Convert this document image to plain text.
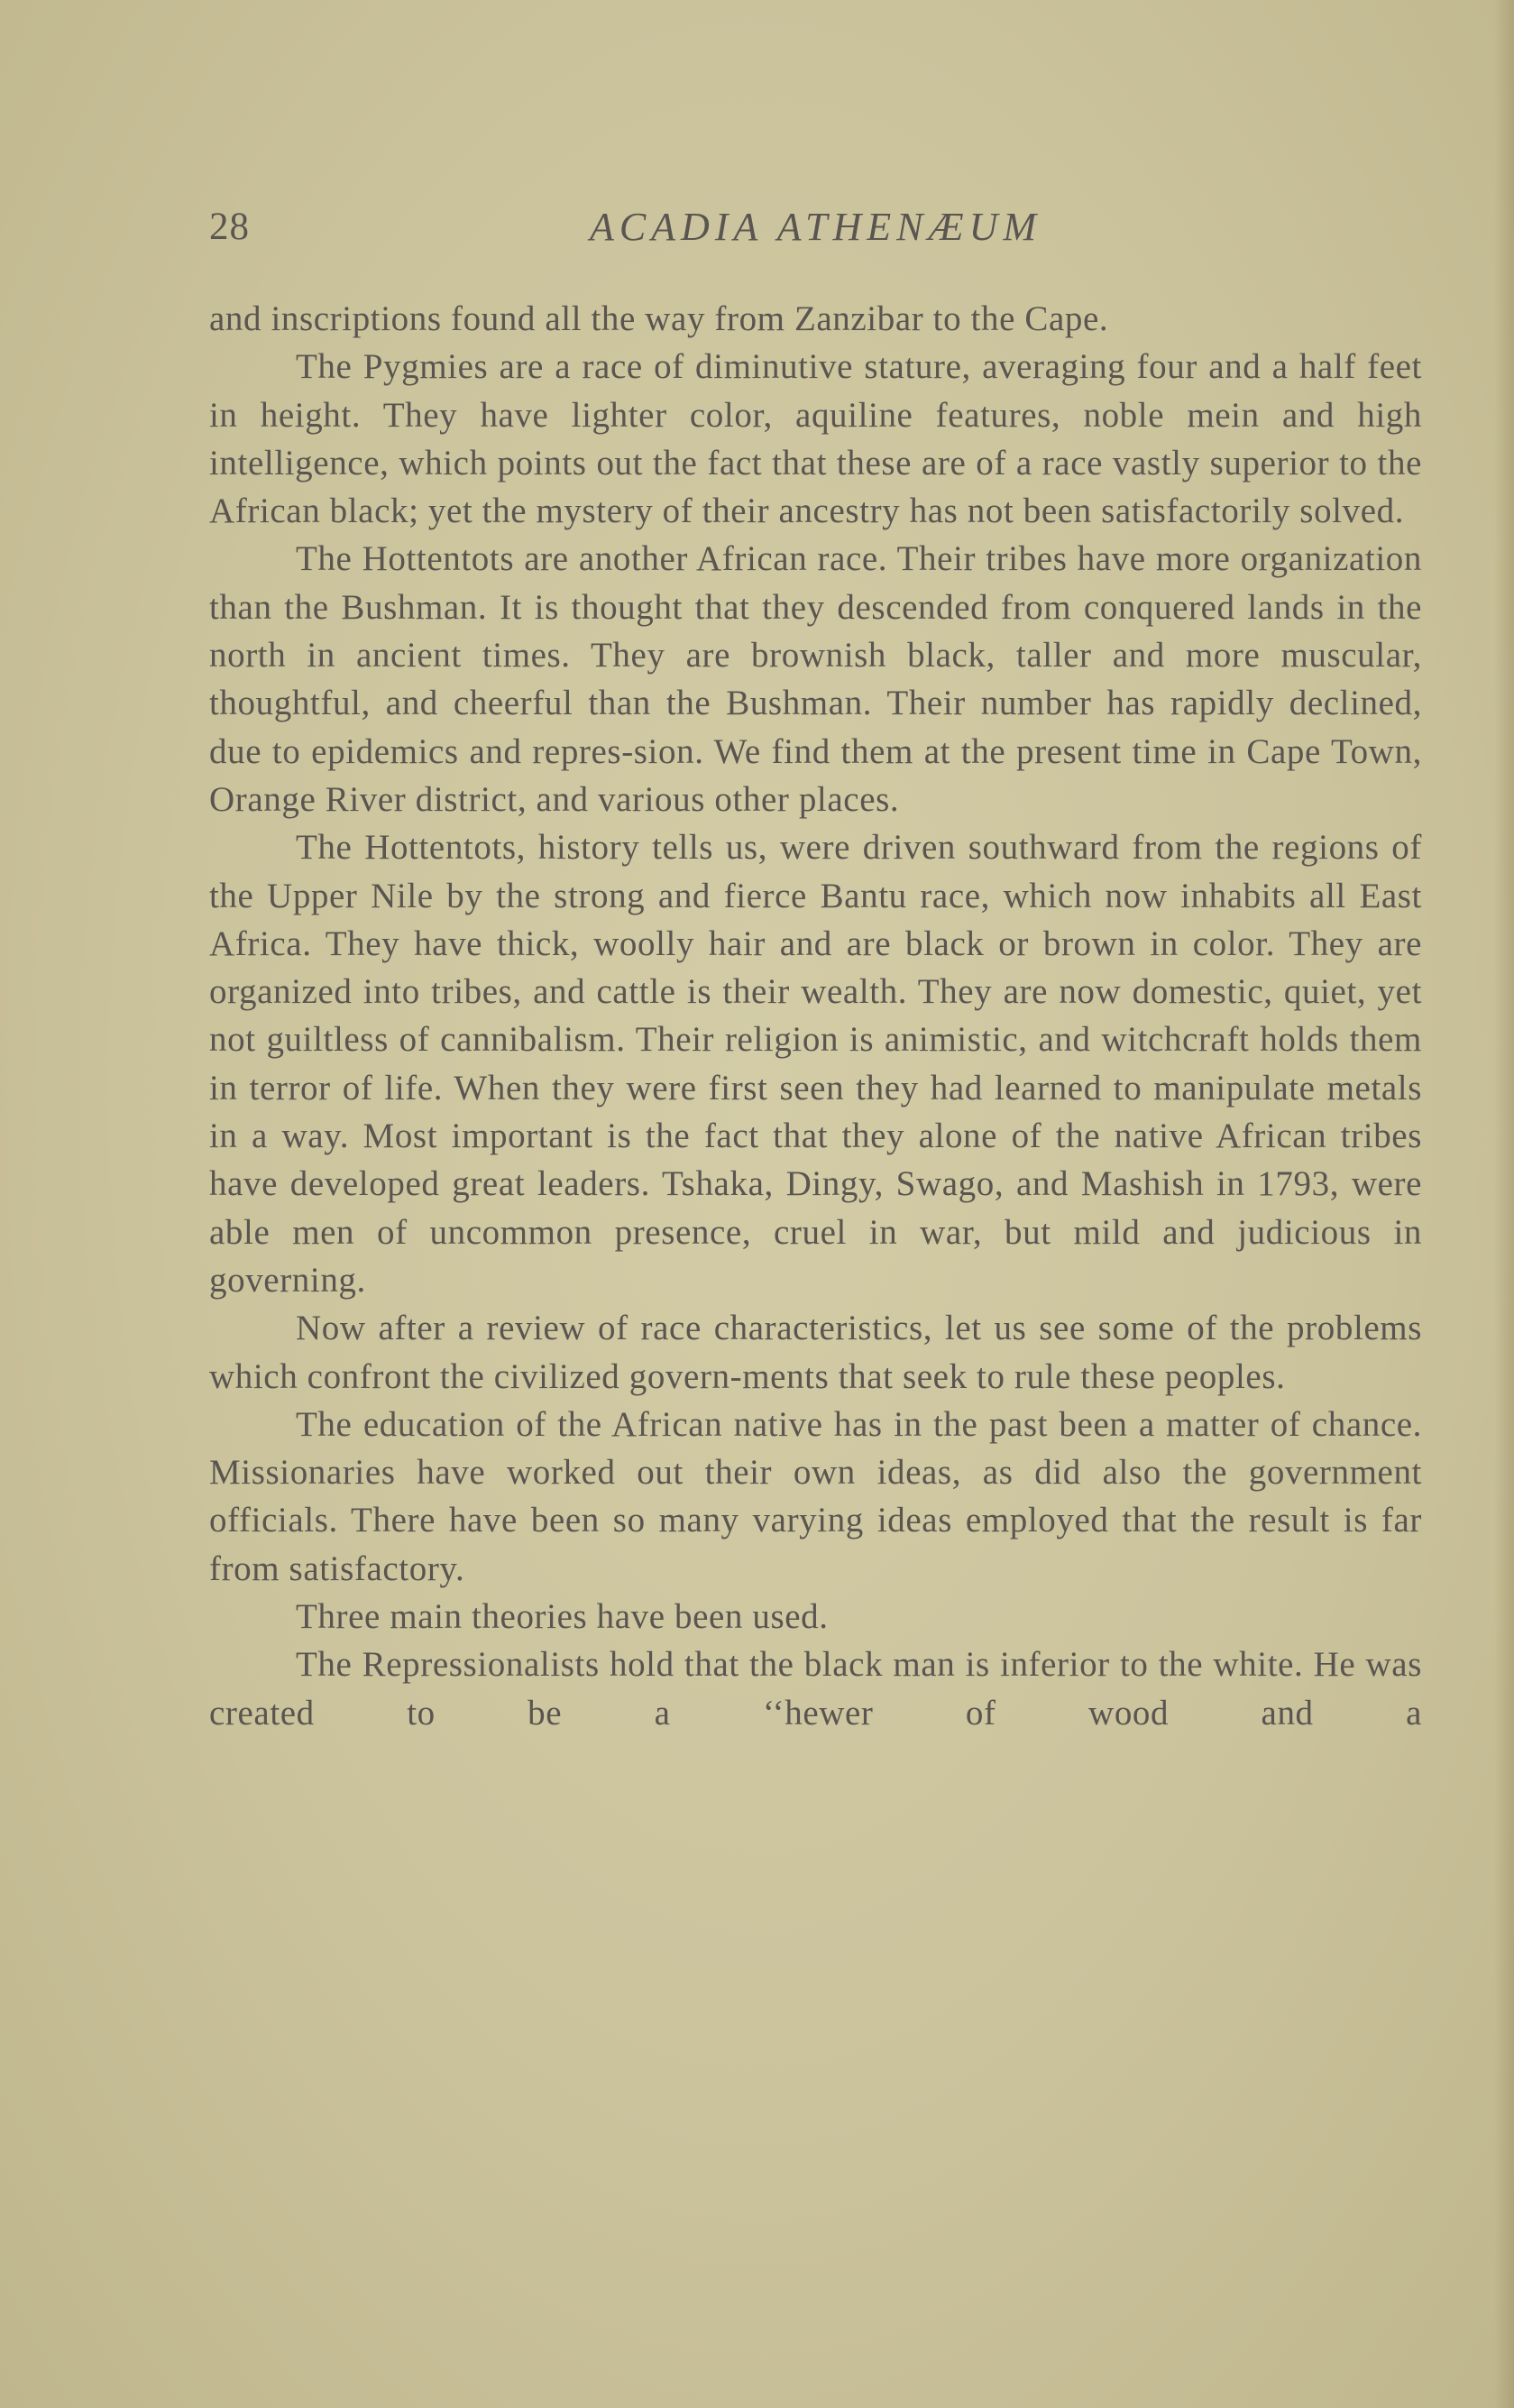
28	ACADIA ATHENÆUM

and inscriptions found all the way from Zanzibar to the Cape.

The Pygmies are a race of diminutive stature, averaging four and a half feet in height. They have lighter color, aquiline features, noble mein and high intelligence, which points out the fact that these are of a race vastly superior to the African black; yet the mystery of their ancestry has not been satisfactorily solved.

The Hottentots are another African race. Their tribes have more organization than the Bushman. It is thought that they descended from conquered lands in the north in ancient times. They are brownish black, taller and more muscular, thoughtful, and cheerful than the Bushman. Their number has rapidly declined, due to epidemics and repres-sion. We find them at the present time in Cape Town, Orange River district, and various other places.

The Hottentots, history tells us, were driven southward from the regions of the Upper Nile by the strong and fierce Bantu race, which now inhabits all East Africa. They have thick, woolly hair and are black or brown in color. They are organized into tribes, and cattle is their wealth. They are now domestic, quiet, yet not guiltless of cannibalism. Their religion is animistic, and witchcraft holds them in terror of life. When they were first seen they had learned to manipulate metals in a way. Most important is the fact that they alone of the native African tribes have developed great leaders. Tshaka, Dingy, Swago, and Mashish in 1793, were able men of uncommon presence, cruel in war, but mild and judicious in governing.

Now after a review of race characteristics, let us see some of the problems which confront the civilized govern-ments that seek to rule these peoples.

The education of the African native has in the past been a matter of chance. Missionaries have worked out their own ideas, as did also the government officials. There have been so many varying ideas employed that the result is far from satisfactory.

Three main theories have been used.

The Repressionalists hold that the black man is inferior to the white. He was created to be a ‘‘hewer of wood and a
